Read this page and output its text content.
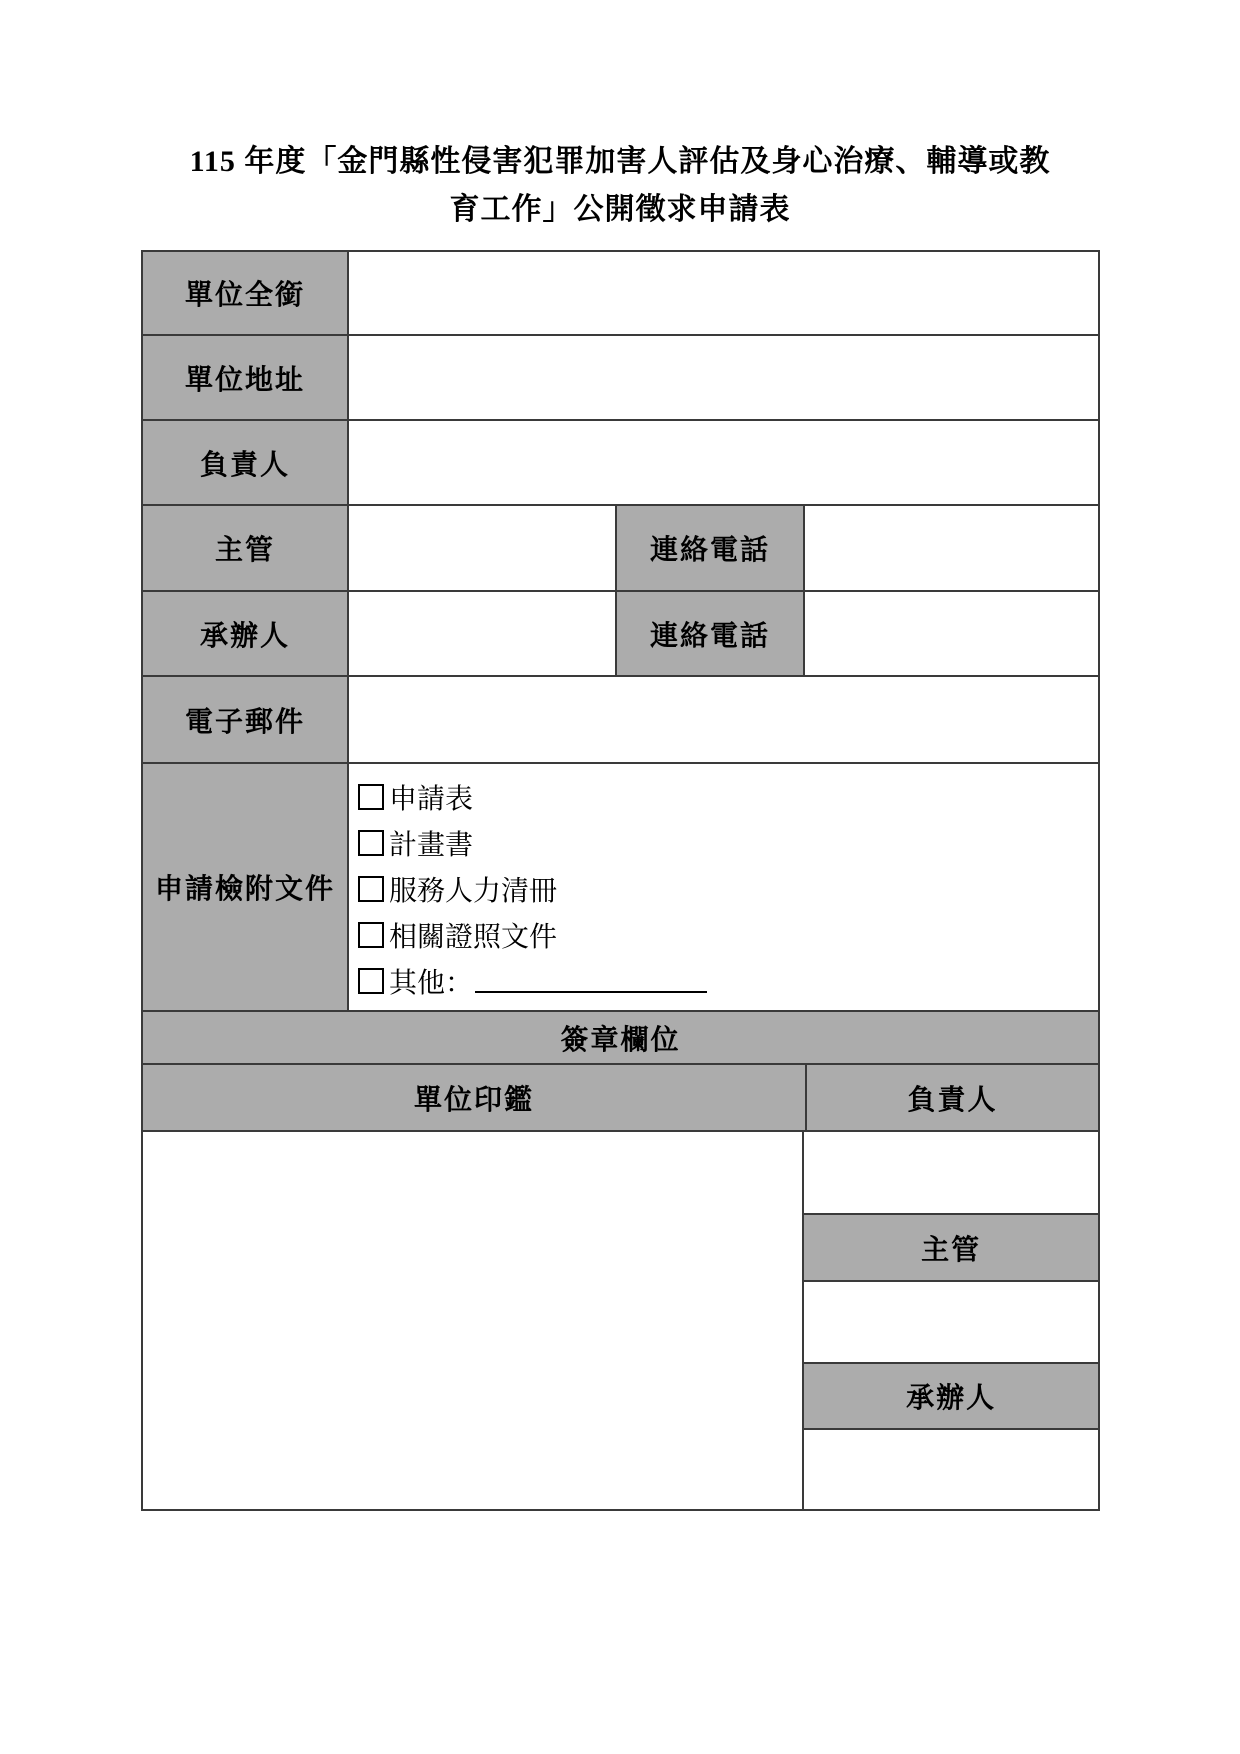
115 年度「金門縣性侵害犯罪加害人評估及身心治療、輔導或教
育工作」公開徵求申請表
單位全銜
單位地址
負責人
主管	連絡電話
承辦人	連絡電話
電子郵件
申請檢附文件
申請表
計畫書
服務人力清冊
相關證照文件
其他：
簽章欄位
單位印鑑	負責人
主管
承辦人
